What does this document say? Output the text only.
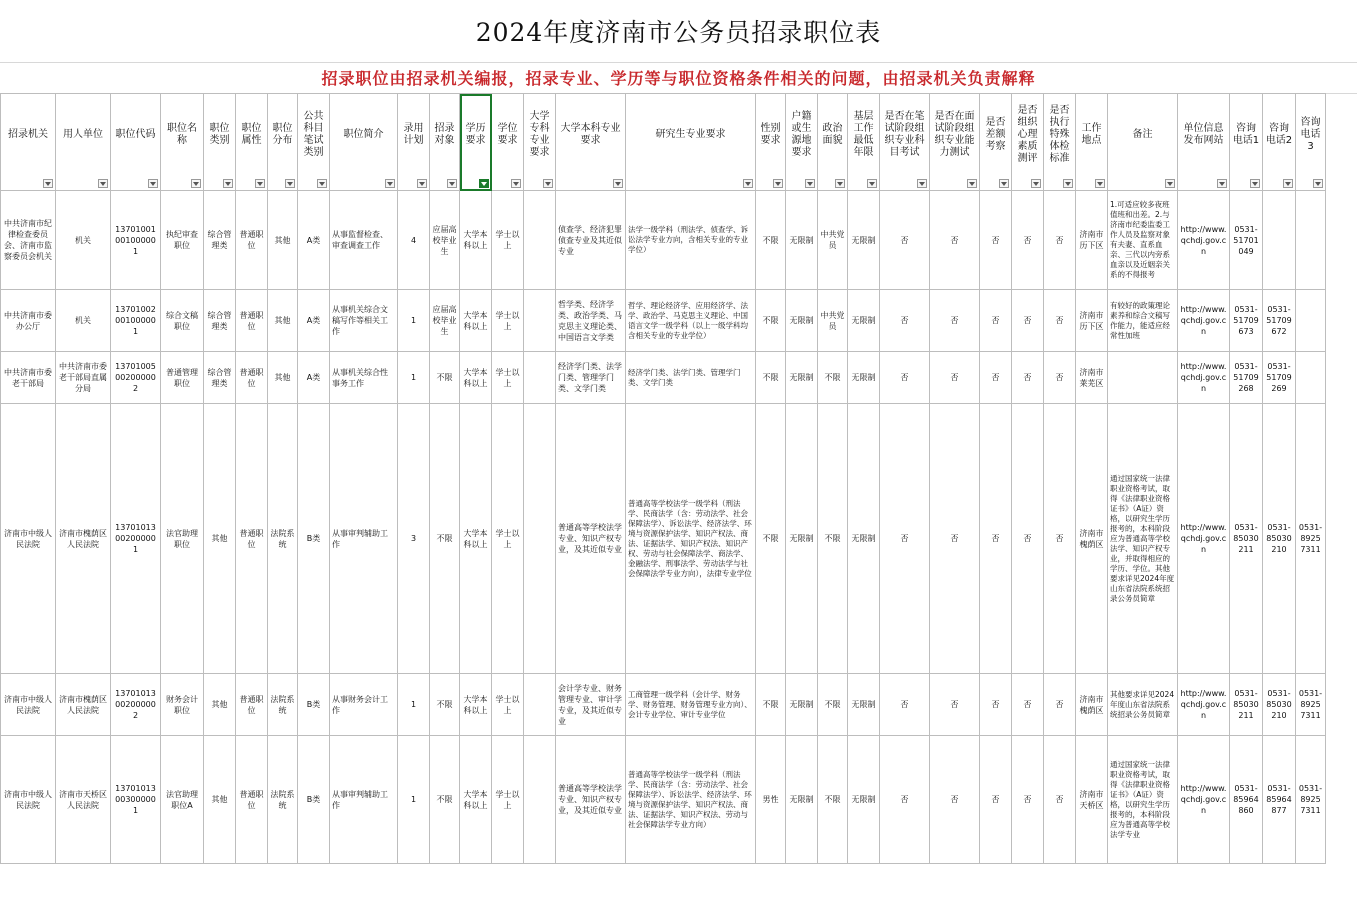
2024年度济南市公务员招录职位表
招录职位由招录机关编报，招录专业、学历等与职位资格条件相关的问题，由招录机关负责解释
招录机关	用人单位	职位代码	职位名称	职位类别	职位属性	职位分布	公共科目笔试类别	职位简介	录用计划	招录对象	学历要求	学位要求	大学专科专业要求	大学本科专业要求	研究生专业要求	性别要求	户籍或生源地要求	政治面貌	基层工作最低年限	是否在笔试阶段组织专业科目考试	是否在面试阶段组织专业能力测试	是否差额考察	是否组织心理素质测评	是否执行特殊体检标准	工作地点	备注	单位信息发布网站	咨询电话1	咨询电话2	咨询电话3

中共济南市纪律检查委员会、济南市监察委员会机关	机关	13701001001000001	执纪审查职位	综合管理类	普通职位	其他	A类	从事监督检查、审查调查工作	4	应届高校毕业生	大学本科以上	学士以上		侦查学、经济犯罪侦查专业及其近似专业	法学一级学科（刑法学、侦查学、诉讼法学专业方向，含相关专业的专业学位）	不限	无限制	中共党员	无限制	否	否	否	否	否	济南市历下区	1.可适应较多夜班值班和出差。2.与济南市纪委监委工作人员及监察对象有夫妻、直系血亲、三代以内旁系血亲以及近姻亲关系的不得报考	http://www.qchdj.gov.cn	0531-51701049		
中共济南市委办公厅	机关	13701002001000001	综合文稿职位	综合管理类	普通职位	其他	A类	从事机关综合文稿写作等相关工作	1	应届高校毕业生	大学本科以上	学士以上		哲学类、经济学类、政治学类、马克思主义理论类、中国语言文学类	哲学、理论经济学、应用经济学、法学、政治学、马克思主义理论、中国语言文学一级学科（以上一级学科均含相关专业的专业学位）	不限	无限制	中共党员	无限制	否	否	否	否	否	济南市历下区	有较好的政策理论素养和综合文稿写作能力，能适应经常性加班	http://www.qchdj.gov.cn	0531-51709673	0531-51709672	
中共济南市委老干部局	中共济南市委老干部局直属分局	13701005002000002	普通管理职位	综合管理类	普通职位	其他	A类	从事机关综合性事务工作	1	不限	大学本科以上	学士以上		经济学门类、法学门类、管理学门类、文学门类	经济学门类、法学门类、管理学门类、文学门类	不限	无限制	不限	无限制	否	否	否	否	否	济南市莱芜区		http://www.qchdj.gov.cn	0531-51709268	0531-51709269	
济南市中级人民法院	济南市槐荫区人民法院	13701013002000001	法官助理职位	其他	普通职位	法院系统	B类	从事审判辅助工作	3	不限	大学本科以上	学士以上		普通高等学校法学专业、知识产权专业，及其近似专业	普通高等学校法学一级学科（刑法学、民商法学（含：劳动法学、社会保障法学）、诉讼法学、经济法学、环境与资源保护法学、知识产权法、商法、证据法学、知识产权法、知识产权、劳动与社会保障法学、商法学、金融法学、刑事法学、劳动法学与社会保障法学专业方向），法律专业学位	不限	无限制	不限	无限制	否	否	否	否	否	济南市槐荫区	通过国家统一法律职业资格考试，取得《法律职业资格证书》（A证）资格，以研究生学历报考的，本科阶段应为普通高等学校法学、知识产权专业，并取得相应的学历、学位。其他要求详见2024年度山东省法院系统招录公务员简章	http://www.qchdj.gov.cn	0531-85030211	0531-85030210	0531-89257311
济南市中级人民法院	济南市槐荫区人民法院	13701013002000002	财务会计职位	其他	普通职位	法院系统	B类	从事财务会计工作	1	不限	大学本科以上	学士以上		会计学专业、财务管理专业、审计学专业，及其近似专业	工商管理一级学科（会计学、财务学、财务管理、财务管理专业方向）、会计专业学位、审计专业学位	不限	无限制	不限	无限制	否	否	否	否	否	济南市槐荫区	其他要求详见2024年度山东省法院系统招录公务员简章	http://www.qchdj.gov.cn	0531-85030211	0531-85030210	0531-89257311
济南市中级人民法院	济南市天桥区人民法院	13701013003000001	法官助理职位A	其他	普通职位	法院系统	B类	从事审判辅助工作	1	不限	大学本科以上	学士以上		普通高等学校法学专业、知识产权专业，及其近似专业	普通高等学校法学一级学科（刑法学、民商法学（含：劳动法学、社会保障法学）、诉讼法学、经济法学、环境与资源保护法学、知识产权法、商法、证据法学、知识产权法、劳动与社会保障法学专业方向）	男性	无限制	不限	无限制	否	否	否	否	否	济南市天桥区	通过国家统一法律职业资格考试，取得《法律职业资格证书》（A证）资格，以研究生学历报考的，本科阶段应为普通高等学校法学专业	http://www.qchdj.gov.cn	0531-85964860	0531-85964877	0531-89257311
